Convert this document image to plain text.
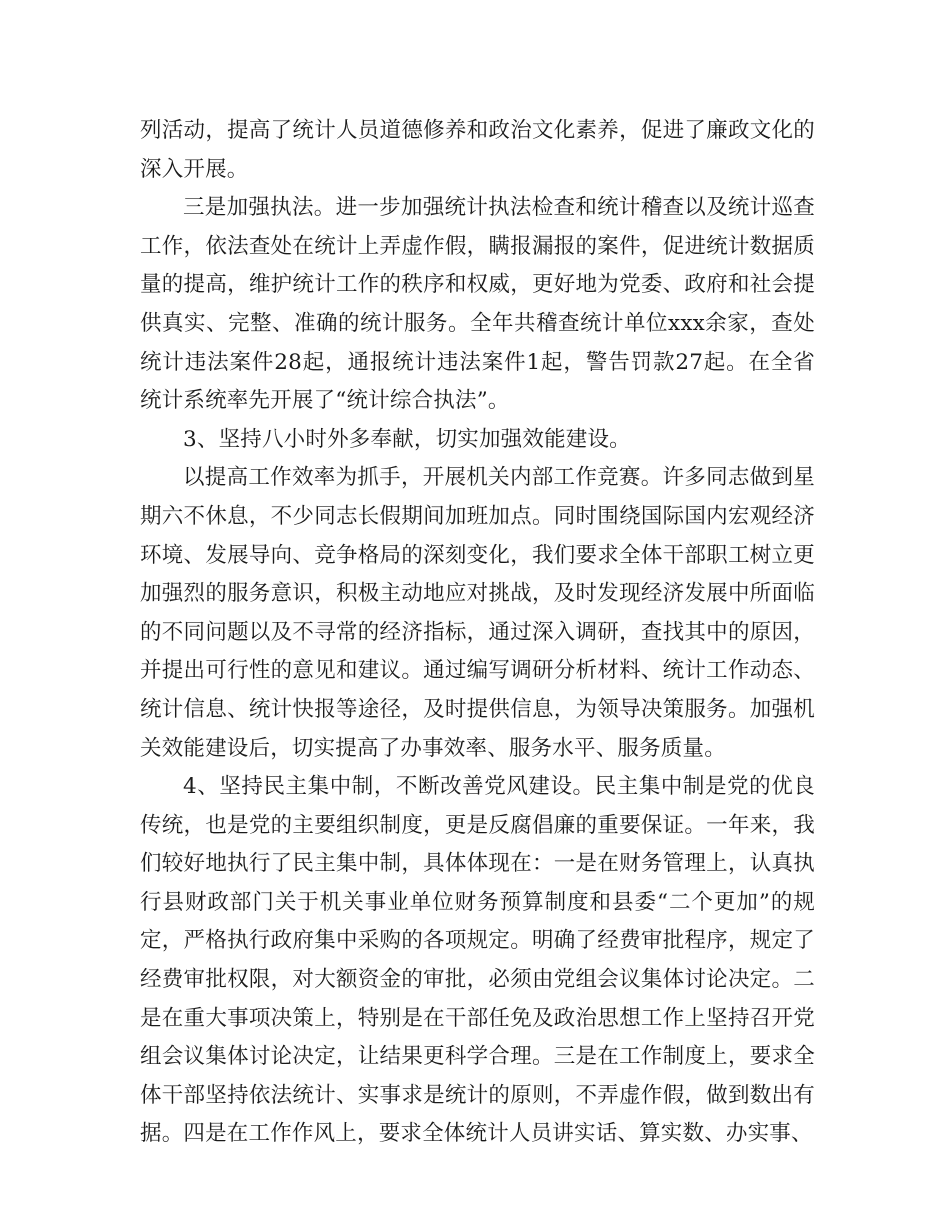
列活动，提高了统计人员道德修养和政治文化素养，促进了廉政文化的深入开展。

三是加强执法。进一步加强统计执法检查和统计稽查以及统计巡查工作，依法查处在统计上弄虚作假，瞒报漏报的案件，促进统计数据质量的提高，维护统计工作的秩序和权威，更好地为党委、政府和社会提供真实、完整、准确的统计服务。全年共稽查统计单位xxx余家，查处统计违法案件28起，通报统计违法案件1起，警告罚款27起。在全省统计系统率先开展了“统计综合执法”。

3、坚持八小时外多奉献，切实加强效能建设。

以提高工作效率为抓手，开展机关内部工作竞赛。许多同志做到星期六不休息，不少同志长假期间加班加点。同时围绕国际国内宏观经济环境、发展导向、竞争格局的深刻变化，我们要求全体干部职工树立更加强烈的服务意识，积极主动地应对挑战，及时发现经济发展中所面临的不同问题以及不寻常的经济指标，通过深入调研，查找其中的原因，并提出可行性的意见和建议。通过编写调研分析材料、统计工作动态、统计信息、统计快报等途径，及时提供信息，为领导决策服务。加强机关效能建设后，切实提高了办事效率、服务水平、服务质量。

4、坚持民主集中制，不断改善党风建设。民主集中制是党的优良传统，也是党的主要组织制度，更是反腐倡廉的重要保证。一年来，我们较好地执行了民主集中制，具体体现在：一是在财务管理上，认真执行县财政部门关于机关事业单位财务预算制度和县委“二个更加”的规定，严格执行政府集中采购的各项规定。明确了经费审批程序，规定了经费审批权限，对大额资金的审批，必须由党组会议集体讨论决定。二是在重大事项决策上，特别是在干部任免及政治思想工作上坚持召开党组会议集体讨论决定，让结果更科学合理。三是在工作制度上，要求全体干部坚持依法统计、实事求是统计的原则，不弄虚作假，做到数出有据。四是在工作作风上，要求全体统计人员讲实话、算实数、办实事、
